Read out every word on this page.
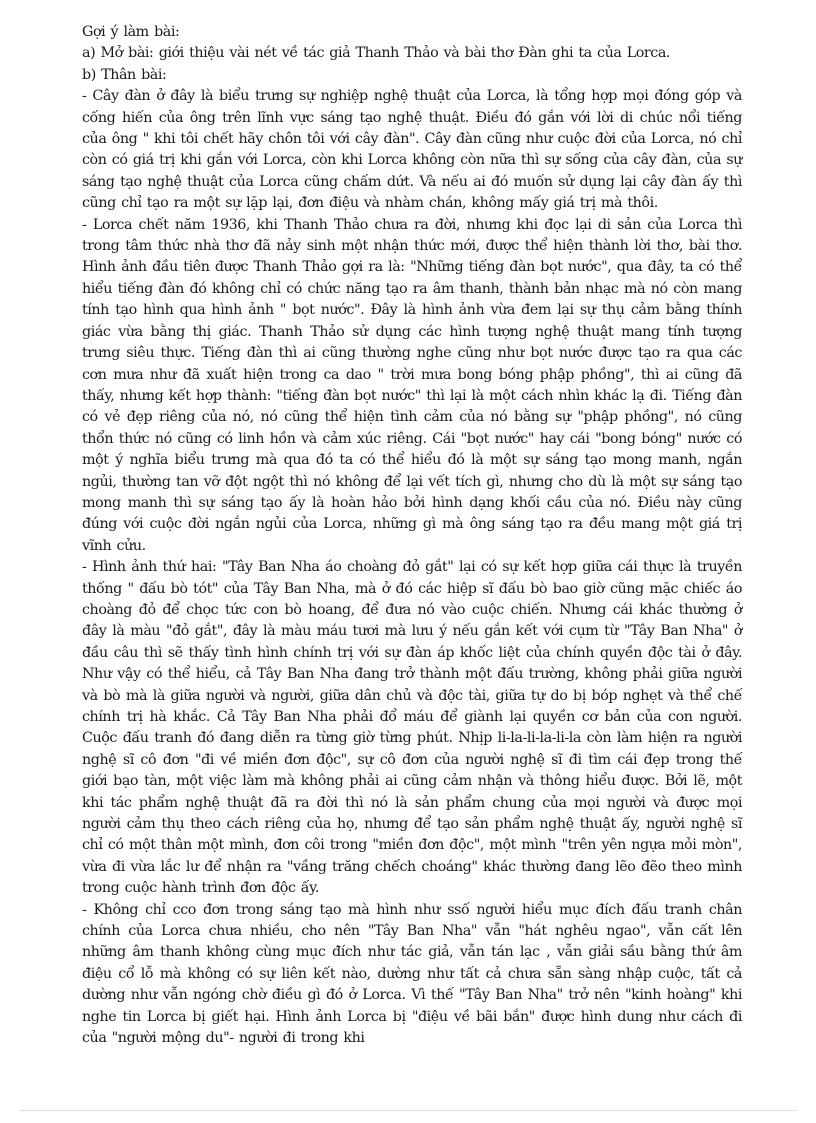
Gợi ý làm bài:

a) Mở bài: giới thiệu vài nét về tác giả Thanh Thảo và bài thơ Đàn ghi ta của Lorca.

b) Thân bài:

- Cây đàn ở đây là biểu trưng sự nghiệp nghệ thuật của Lorca, là tổng hợp mọi đóng góp và cống hiến của ông trên lĩnh vực sáng tạo nghệ thuật. Điều đó gắn với lời di chúc nổi tiếng của ông " khi tôi chết hãy chôn tôi với cây đàn". Cây đàn cũng như cuộc đời của Lorca, nó chỉ còn có giá trị khi gắn với Lorca, còn khi Lorca không còn nữa thì sự sống của cây đàn, của sự sáng tạo nghệ thuật của Lorca cũng chấm dứt. Và nếu ai đó muốn sử dụng lại cây đàn ấy thì cũng chỉ tạo ra một sự lặp lại, đơn điệu và nhàm chán, không mấy giá trị mà thôi.

- Lorca chết năm 1936, khi Thanh Thảo chưa ra đời, nhưng khi đọc lại di sản của Lorca thì trong tâm thức nhà thơ đã nảy sinh một nhận thức mới, được thể hiện thành lời thơ, bài thơ. Hình ảnh đầu tiên được Thanh Thảo gợi ra là: "Những tiếng đàn bọt nước", qua đây, ta có thể hiểu tiếng đàn đó không chỉ có chức năng tạo ra âm thanh, thành bản nhạc mà nó còn mang tính tạo hình qua hình ảnh " bọt nước". Đây là hình ảnh vừa đem lại sự thụ cảm bằng thính giác vừa bằng thị giác. Thanh Thảo sử dụng các hình tượng nghệ thuật mang tính tượng trưng siêu thực. Tiếng đàn thì ai cũng thường nghe cũng như bọt nước được tạo ra qua các cơn mưa như đã xuất hiện trong ca dao " trời mưa bong bóng phập phồng", thì ai cũng đã thấy, nhưng kết hợp thành: "tiếng đàn bọt nước" thì lại là một cách nhìn khác lạ đi. Tiếng đàn có vẻ đẹp riêng của nó, nó cũng thể hiện tình cảm của nó bằng sự "phập phồng", nó cũng thổn thức nó cũng có linh hồn và cảm xúc riêng. Cái "bọt nước" hay cái "bong bóng" nước có một ý nghĩa biểu trưng mà qua đó ta có thể hiểu đó là một sự sáng tạo mong manh, ngắn ngủi, thường tan vỡ đột ngột thì nó không để lại vết tích gì, nhưng cho dù là một sự sáng tạo mong manh thì sự sáng tạo ấy là hoàn hảo bởi hình dạng khối cầu của nó. Điều này cũng đúng với cuộc đời ngắn ngủi của Lorca, những gì mà ông sáng tạo ra đều mang một giá trị vĩnh cửu.

- Hình ảnh thứ hai: "Tây Ban Nha áo choàng đỏ gắt" lại có sự kết hợp giữa cái thực là truyền thống " đấu bò tót" của Tây Ban Nha, mà ở đó các hiệp sĩ đấu bò bao giờ cũng mặc chiếc áo choàng đỏ để chọc tức con bò hoang, để đưa nó vào cuộc chiến. Nhưng cái khác thường ở đây là màu "đỏ gắt", đây là màu máu tươi mà lưu ý nếu gắn kết với cụm từ "Tây Ban Nha" ở đầu câu thì sẽ thấy tình hình chính trị với sự đàn áp khốc liệt của chính quyền độc tài ở đây. Như vậy có thể hiểu, cả Tây Ban Nha đang trở thành một đấu trường, không phải giữa người và bò mà là giữa người và người, giữa dân chủ và độc tài, giữa tự do bị bóp nghẹt và thể chế chính trị hà khắc. Cả Tây Ban Nha phải đổ máu để giành lại quyền cơ bản của con người. Cuộc đấu tranh đó đang diễn ra từng giờ từng phút. Nhịp li-la-li-la-li-la còn làm hiện ra người nghệ sĩ cô đơn "đi về miền đơn độc", sự cô đơn của người nghệ sĩ đi tìm cái đẹp trong thế giới bạo tàn, một việc làm mà không phải ai cũng cảm nhận và thông hiểu được. Bởi lẽ, một khi tác phẩm nghệ thuật đã ra đời thì nó là sản phẩm chung của mọi người và được mọi người cảm thụ theo cách riêng của họ, nhưng để tạo sản phẩm nghệ thuật ấy, người nghệ sĩ chỉ có một thân một mình, đơn côi trong "miền đơn độc", một mình "trên yên ngựa mỏi mòn", vừa đi vừa lắc lư để nhận ra "vầng trăng chếch choáng" khác thường đang lẽo đẽo theo mình trong cuộc hành trình đơn độc ấy.

- Không chỉ cco đơn trong sáng tạo mà hình như ssố người hiểu mục đích đấu tranh chân chính của Lorca chưa nhiều, cho nên "Tây Ban Nha" vẫn "hát nghêu ngao", vẫn cất lên những âm thanh không cùng mục đích như tác giả, vẫn tán lạc , vẫn giải sầu bằng thứ âm điệu cổ lỗ mà không có sự liên kết nào, dường như tất cả chưa sẵn sàng nhập cuộc, tất cả dường như vẫn ngóng chờ điều gì đó ở Lorca. Vì thế "Tây Ban Nha" trở nên "kinh hoàng" khi nghe tin Lorca bị giết hại. Hình ảnh Lorca bị "điệu về bãi bắn" được hình dung như cách đi của "người mộng du"- người đi trong khi
